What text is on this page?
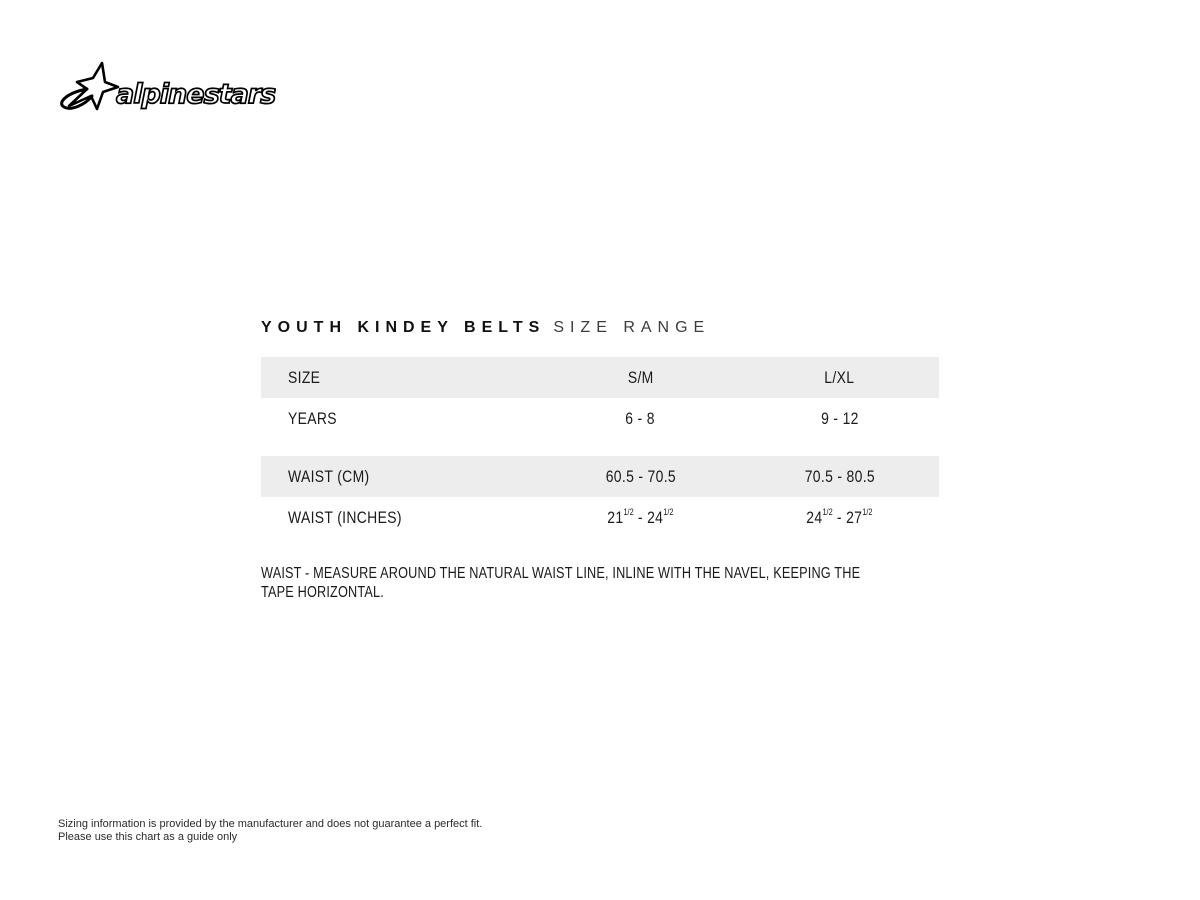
alpinestars
YOUTH KINDEY BELTS SIZE RANGE
SIZE	S/M	L/XL
YEARS	6 - 8	9 - 12
WAIST (CM)	60.5 - 70.5	70.5 - 80.5
WAIST (INCHES)	$21^{1/2} - 24^{1/2}$	$24^{1/2} - 27^{1/2}$

WAIST - MEASURE AROUND THE NATURAL WAIST LINE, INLINE WITH THE NAVEL, KEEPING THE
TAPE HORIZONTAL.

Sizing information is provided by the manufacturer and does not guarantee a perfect fit.
Please use this chart as a guide only
